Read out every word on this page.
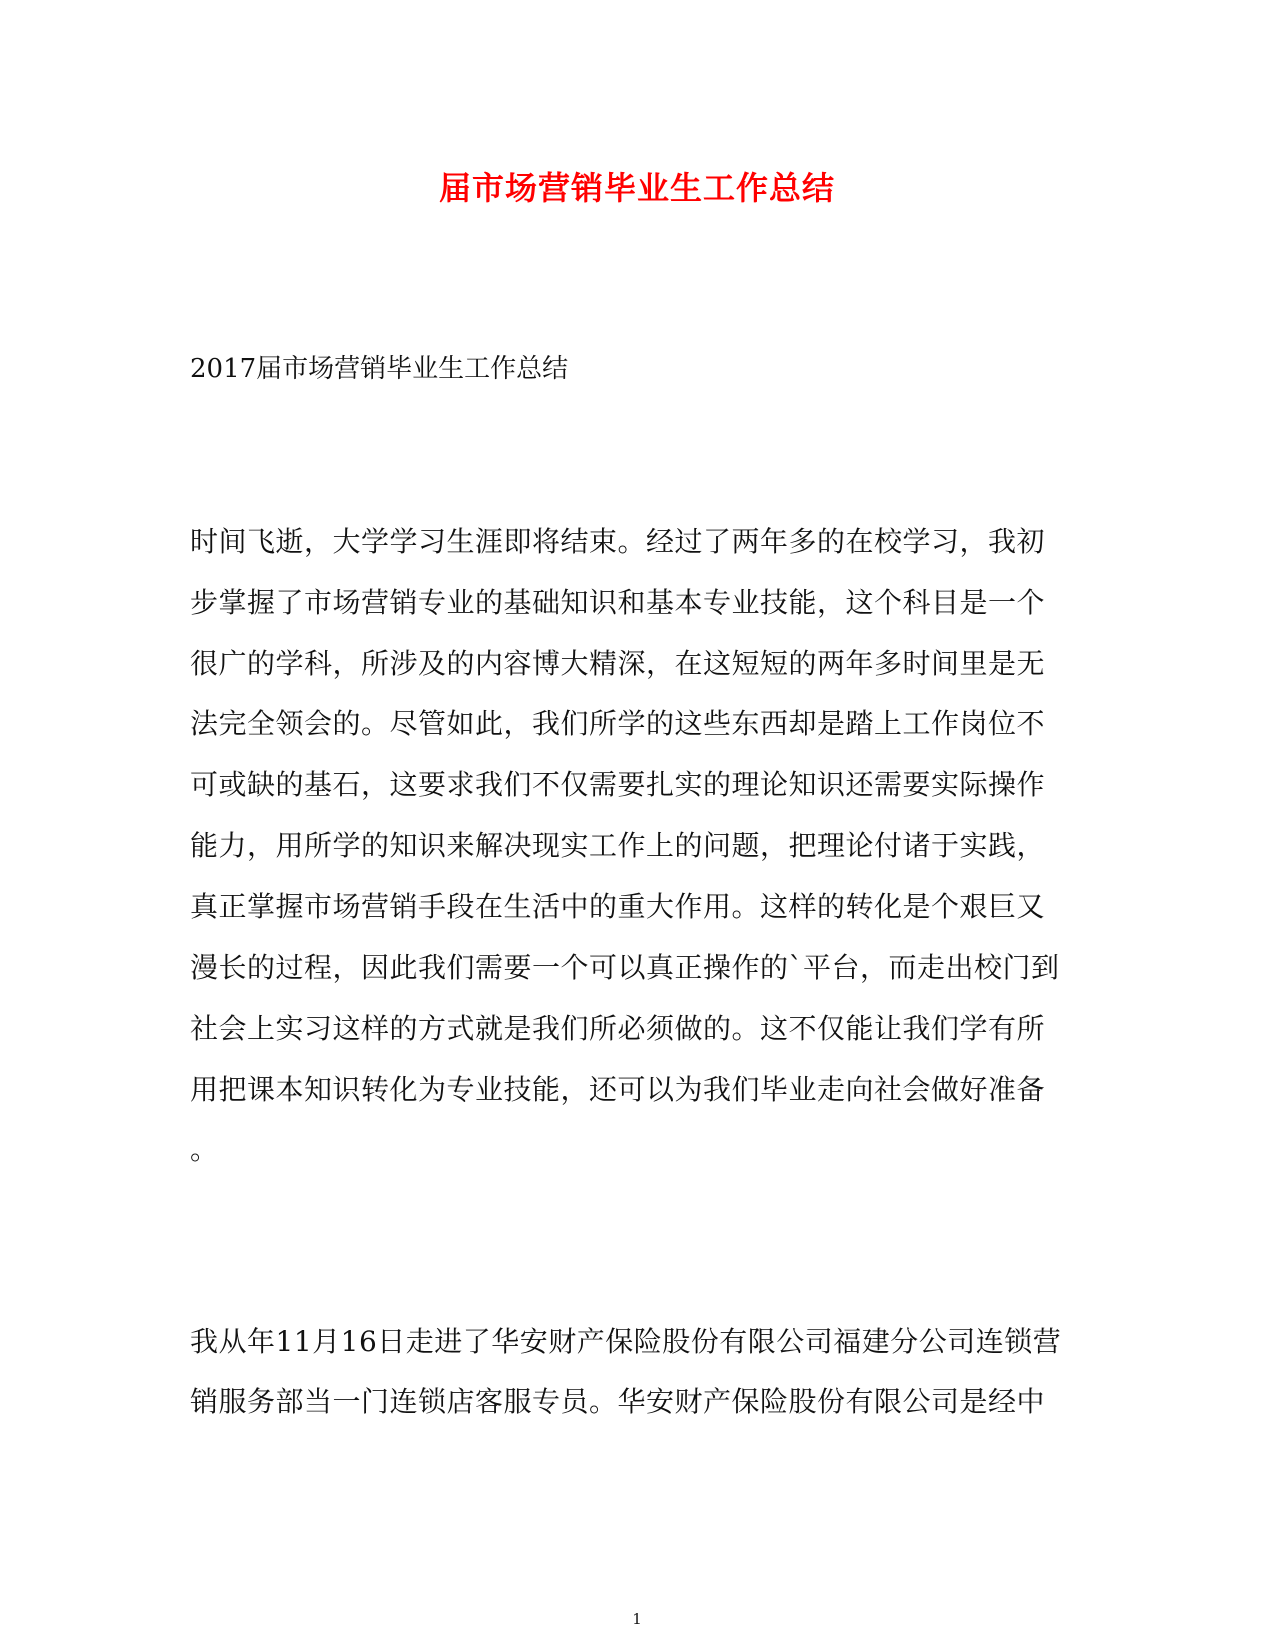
届市场营销毕业生工作总结
2017届市场营销毕业生工作总结
时间飞逝，大学学习生涯即将结束。经过了两年多的在校学习，我初
步掌握了市场营销专业的基础知识和基本专业技能，这个科目是一个
很广的学科，所涉及的内容博大精深，在这短短的两年多时间里是无
法完全领会的。尽管如此，我们所学的这些东西却是踏上工作岗位不
可或缺的基石，这要求我们不仅需要扎实的理论知识还需要实际操作
能力，用所学的知识来解决现实工作上的问题，把理论付诸于实践，
真正掌握市场营销手段在生活中的重大作用。这样的转化是个艰巨又
漫长的过程，因此我们需要一个可以真正操作的`平台，而走出校门到
社会上实习这样的方式就是我们所必须做的。这不仅能让我们学有所
用把课本知识转化为专业技能，还可以为我们毕业走向社会做好准备
。
我从年11月16日走进了华安财产保险股份有限公司福建分公司连锁营
销服务部当一门连锁店客服专员。华安财产保险股份有限公司是经中
1
